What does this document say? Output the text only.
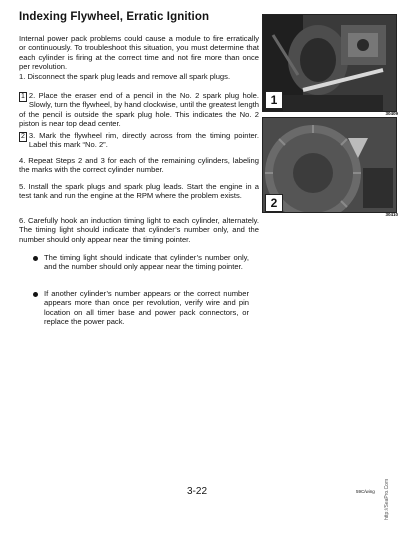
Indexing Flywheel, Erratic Ignition
Internal power pack problems could cause a module to fire erratically or continuously. To troubleshoot this situation, you must determine that each cylinder is firing at the correct time and not fire more than once per revolution.
1. Disconnect the spark plug leads and remove all spark plugs.
1 2. Place the eraser end of a pencil in the No. 2 spark plug hole. Slowly, turn the flywheel, by hand clockwise, until the greatest length of the pencil is outside the spark plug hole. This indicates the No. 2 piston is near top dead center.
2 3. Mark the flywheel rim, directly across from the timing pointer. Label this mark “No. 2”.
4. Repeat Steps 2 and 3 for each of the remaining cylinders, labeling the marks with the correct cylinder number.
5. Install the spark plugs and spark plug leads. Start the engine in a test tank and run the engine at the RPM where the problem exists.
6. Carefully hook an induction timing light to each cylinder, alternately. The timing light should indicate that cylinder’s number only, and the number should only appear near the timing pointer.
The timing light should indicate that cylinder’s number only, and the number should only appear near the timing pointer.
If another cylinder’s number appears or the correct number appears more than once per revolution, verify wire and pin location on all timer base and power pack connectors, or replace the power pack.
1
30409
2
30410
3-22	59C/wing http://SeaPro.Com
